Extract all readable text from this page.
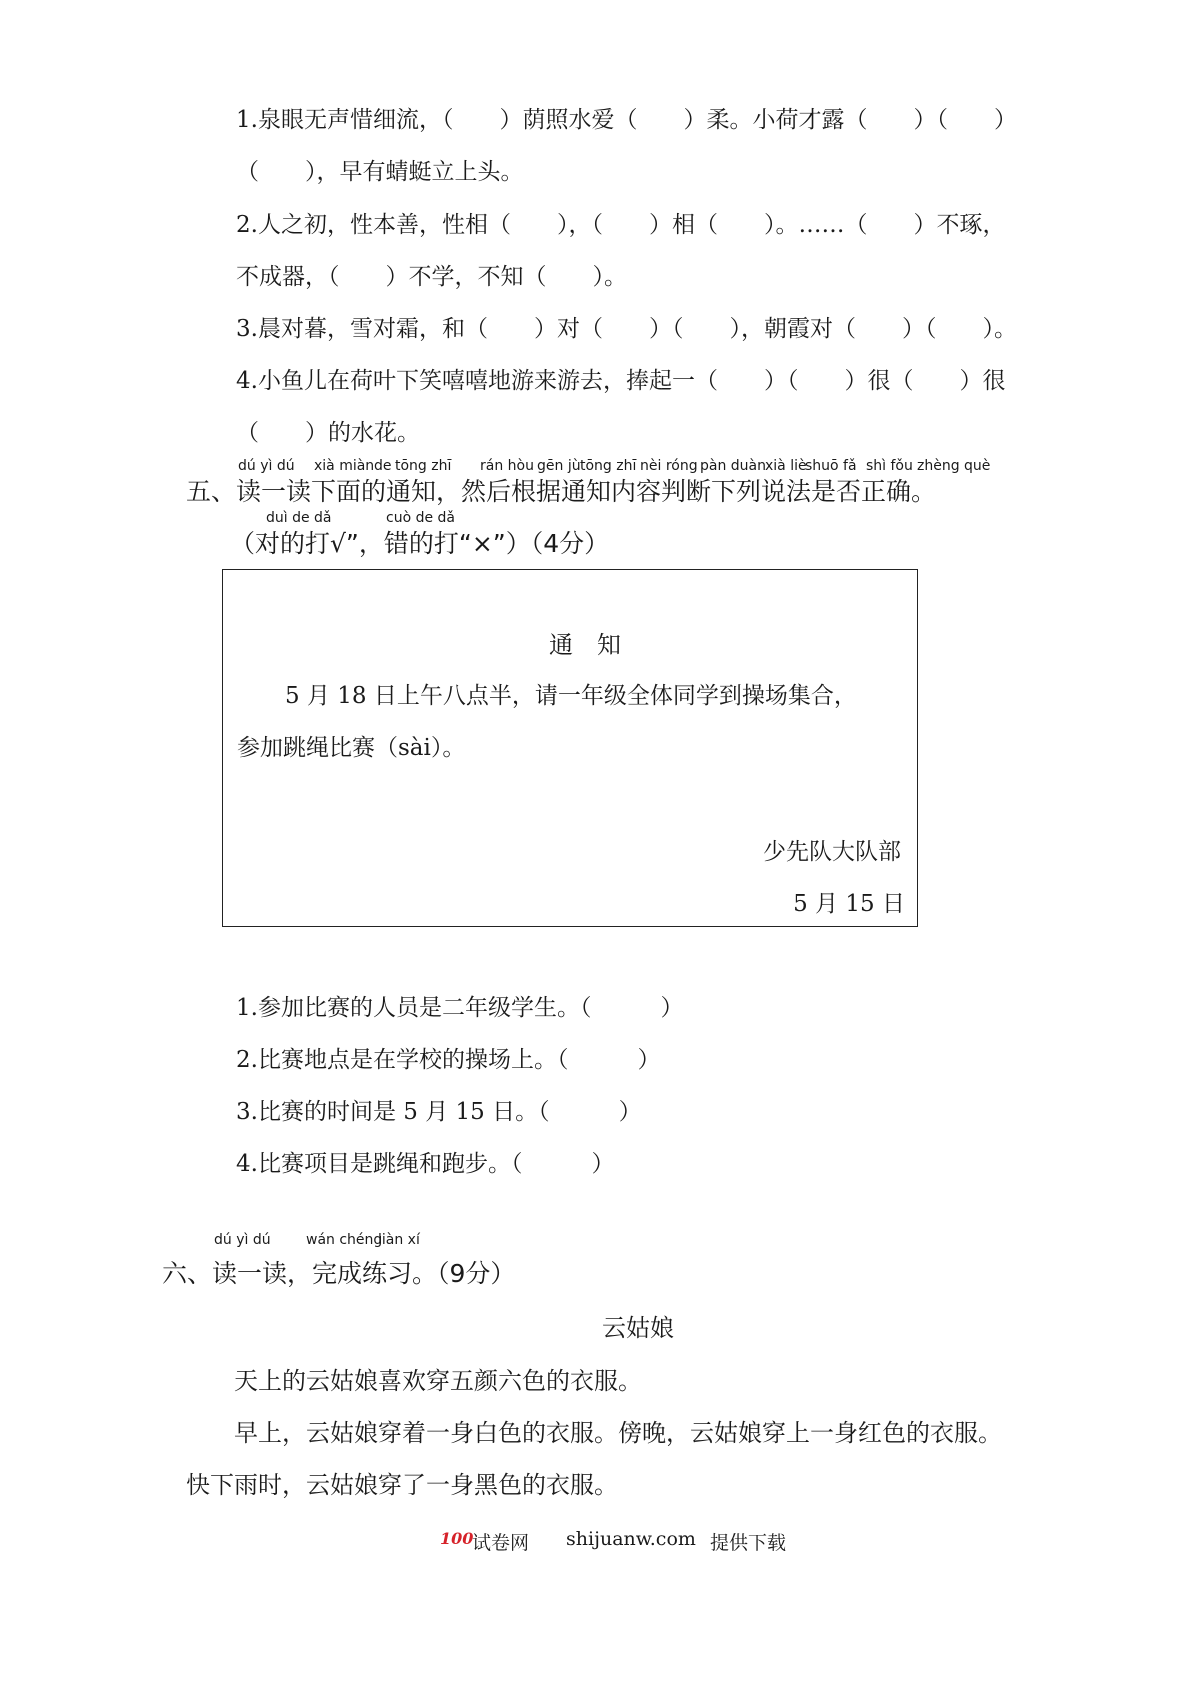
1.泉眼无声惜细流，（　　）荫照水爱（　　）柔。小荷才露（　　）（　　）
（　　），早有蜻蜓立上头。
2.人之初，性本善，性相（　　），（　　）相（　　）。……（　　）不琢，
不成器，（　　）不学，不知（　　）。
3.晨对暮，雪对霜，和（　　）对（　　）（　　），朝霞对（　　）（　　）。
4.小鱼儿在荷叶下笑嘻嘻地游来游去，捧起一（　　）（　　）很（　　）很
（　　）的水花。
dú yì dú xià miàn de tōng zhī rán hòu gēn jù tōng zhī nèi róng pàn duàn
xià liè
shuō fǎ shì fǒu zhèng què
五、读一读下面的通知，然后根据通知内容判断下列说法是否正确。
duì de dǎ	cuò de dǎ
（对的打√”，错的打“×”）（4分）
通　知
5 月 18 日上午八点半，请一年级全体同学到操场集合，
参加跳绳比赛（sài）。
少先队大队部
5 月 15 日
1.参加比赛的人员是二年级学生。（　　　）
2.比赛地点是在学校的操场上。（　　　）
3.比赛的时间是 5 月 15 日。（　　　）
4.比赛项目是跳绳和跑步。（　　　）
dú yì dú	wán chéng
liàn xí
六、读一读，完成练习。（9分）
云姑娘
天上的云姑娘喜欢穿五颜六色的衣服。
早上，云姑娘穿着一身白色的衣服。傍晚，云姑娘穿上一身红色的衣服。
快下雨时，云姑娘穿了一身黑色的衣服。
100
试卷网 shijuanw.com 提供下载
